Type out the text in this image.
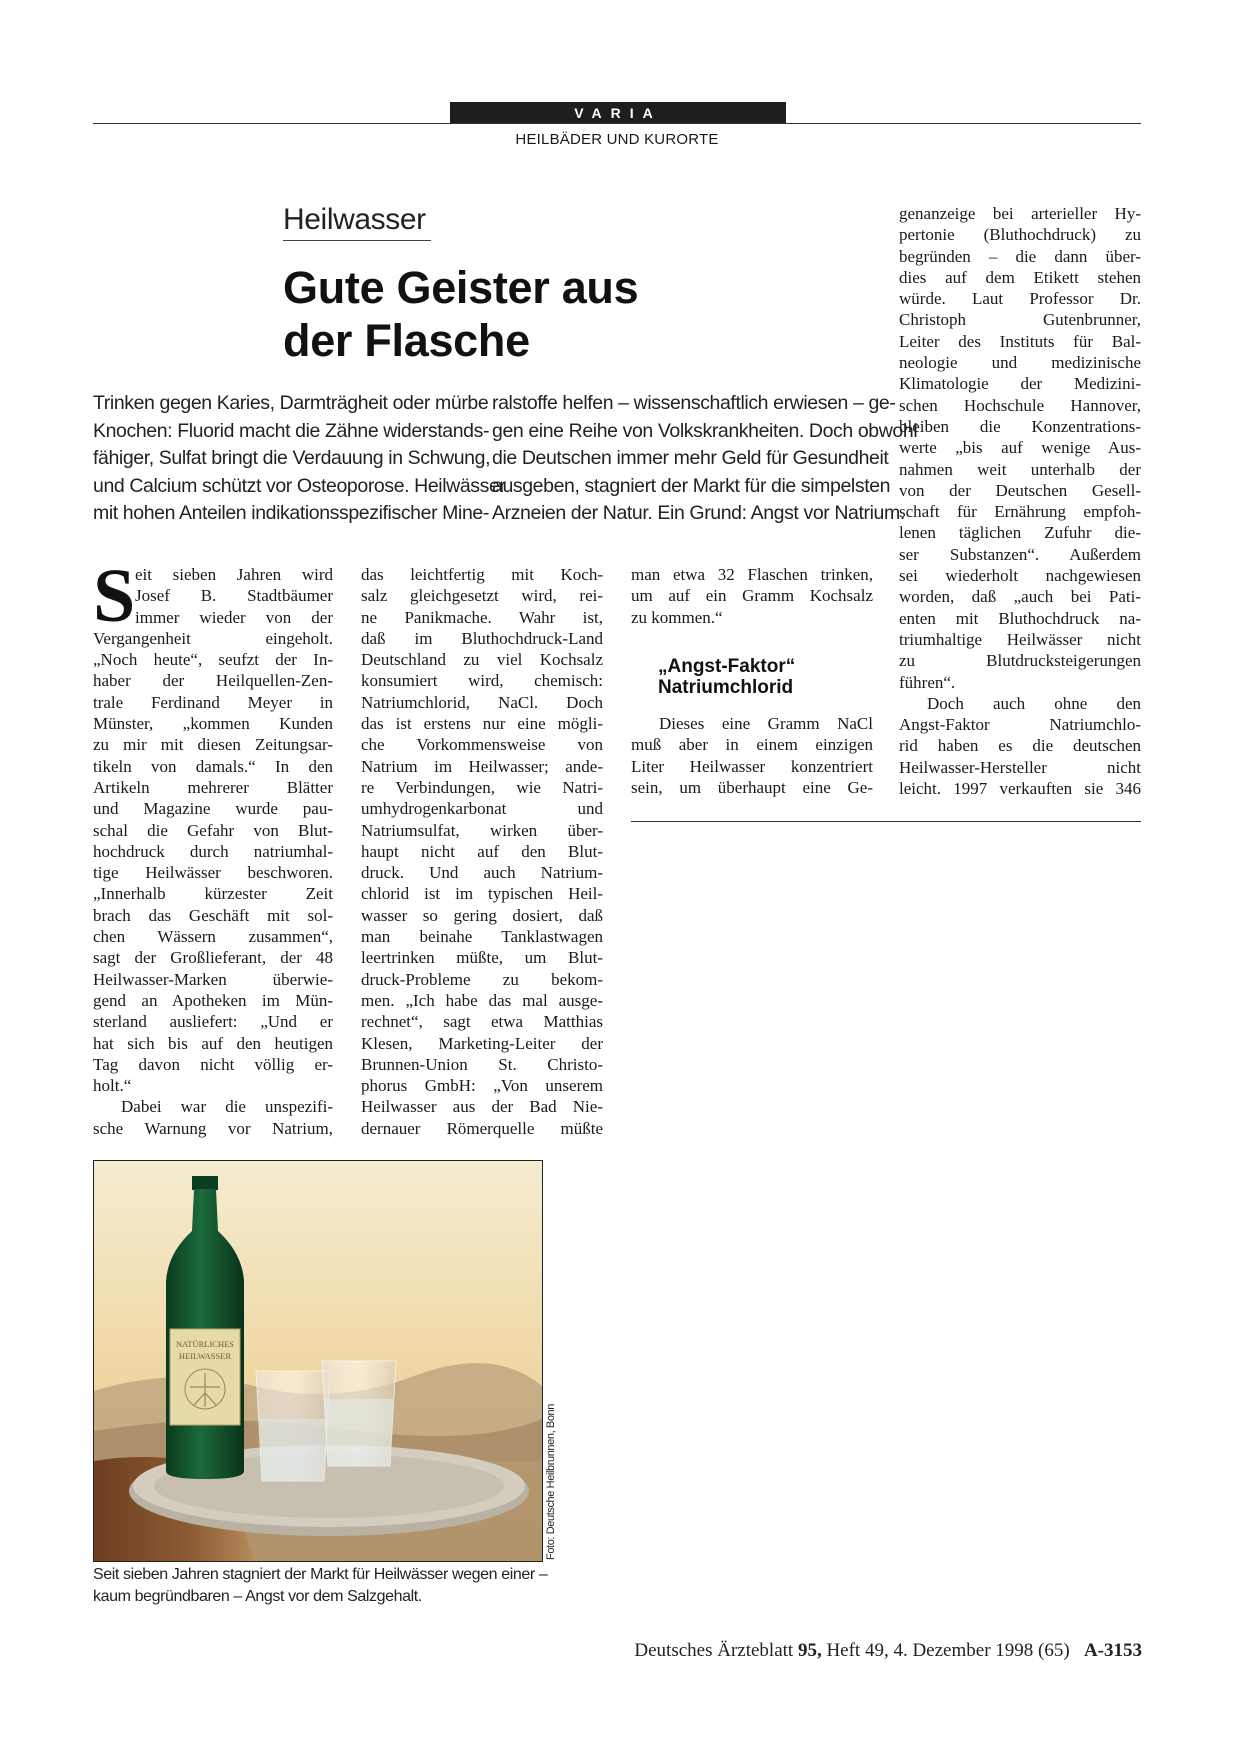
VARIA
HEILBÄDER UND KURORTE
Heilwasser
Gute Geister aus
der Flasche
Trinken gegen Karies, Darmträgheit oder mürbe
Knochen: Fluorid macht die Zähne widerstands-
fähiger, Sulfat bringt die Verdauung in Schwung,
und Calcium schützt vor Osteoporose. Heilwässer
mit hohen Anteilen indikationsspezifischer Mine-
ralstoffe helfen – wissenschaftlich erwiesen – ge-
gen eine Reihe von Volkskrankheiten. Doch obwohl
die Deutschen immer mehr Geld für Gesundheit
ausgeben, stagniert der Markt für die simpelsten
Arzneien der Natur. Ein Grund: Angst vor Natrium.
S eit sieben Jahren wird
Josef B. Stadtbäumer
immer wieder von der
Vergangenheit eingeholt.
„Noch heute“, seufzt der In-
haber der Heilquellen-Zen-
trale Ferdinand Meyer in
Münster, „kommen Kunden
zu mir mit diesen Zeitungsar-
tikeln von damals.“ In den
Artikeln mehrerer Blätter
und Magazine wurde pau-
schal die Gefahr von Blut-
hochdruck durch natriumhal-
tige Heilwässer beschworen.
„Innerhalb kürzester Zeit
brach das Geschäft mit sol-
chen Wässern zusammen“,
sagt der Großlieferant, der 48
Heilwasser-Marken überwie-
gend an Apotheken im Mün-
sterland ausliefert: „Und er
hat sich bis auf den heutigen
Tag davon nicht völlig er-
holt.“
Dabei war die unspezifi-
sche Warnung vor Natrium,
das leichtfertig mit Koch-
salz gleichgesetzt wird, rei-
ne Panikmache. Wahr ist,
daß im Bluthochdruck-Land
Deutschland zu viel Kochsalz
konsumiert wird, chemisch:
Natriumchlorid, NaCl. Doch
das ist erstens nur eine mögli-
che Vorkommensweise von
Natrium im Heilwasser; ande-
re Verbindungen, wie Natri-
umhydrogenkarbonat und
Natriumsulfat, wirken über-
haupt nicht auf den Blut-
druck. Und auch Natrium-
chlorid ist im typischen Heil-
wasser so gering dosiert, daß
man beinahe Tanklastwagen
leertrinken müßte, um Blut-
druck-Probleme zu bekom-
men. „Ich habe das mal ausge-
rechnet“, sagt etwa Matthias
Klesen, Marketing-Leiter der
Brunnen-Union St. Christo-
phorus GmbH: „Von unserem
Heilwasser aus der Bad Nie-
dernauer Römerquelle müßte
man etwa 32 Flaschen trinken,
um auf ein Gramm Kochsalz
zu kommen.“
„Angst-Faktor“
Natriumchlorid
Dieses eine Gramm NaCl
muß aber in einem einzigen
Liter Heilwasser konzentriert
sein, um überhaupt eine Ge-
genanzeige bei arterieller Hy-
pertonie (Bluthochdruck) zu
begründen – die dann über-
dies auf dem Etikett stehen
würde. Laut Professor Dr.
Christoph Gutenbrunner,
Leiter des Instituts für Bal-
neologie und medizinische
Klimatologie der Medizini-
schen Hochschule Hannover,
bleiben die Konzentrations-
werte „bis auf wenige Aus-
nahmen weit unterhalb der
von der Deutschen Gesell-
schaft für Ernährung empfoh-
lenen täglichen Zufuhr die-
ser Substanzen“. Außerdem
sei wiederholt nachgewiesen
worden, daß „auch bei Pati-
enten mit Bluthochdruck na-
triumhaltige Heilwässer nicht
zu Blutdrucksteigerungen
führen“.
Doch auch ohne den
Angst-Faktor Natriumchlo-
rid haben es die deutschen
Heilwasser-Hersteller nicht
leicht. 1997 verkauften sie 346
NATÜRLICHES
HEILWASSER
Foto: Deutsche Heilbrunnen, Bonn
Seit sieben Jahren stagniert der Markt für Heilwässer wegen einer –
kaum begründbaren – Angst vor dem Salzgehalt.
Deutsches Ärzteblatt 95, Heft 49, 4. Dezember 1998 (65) A-3153
